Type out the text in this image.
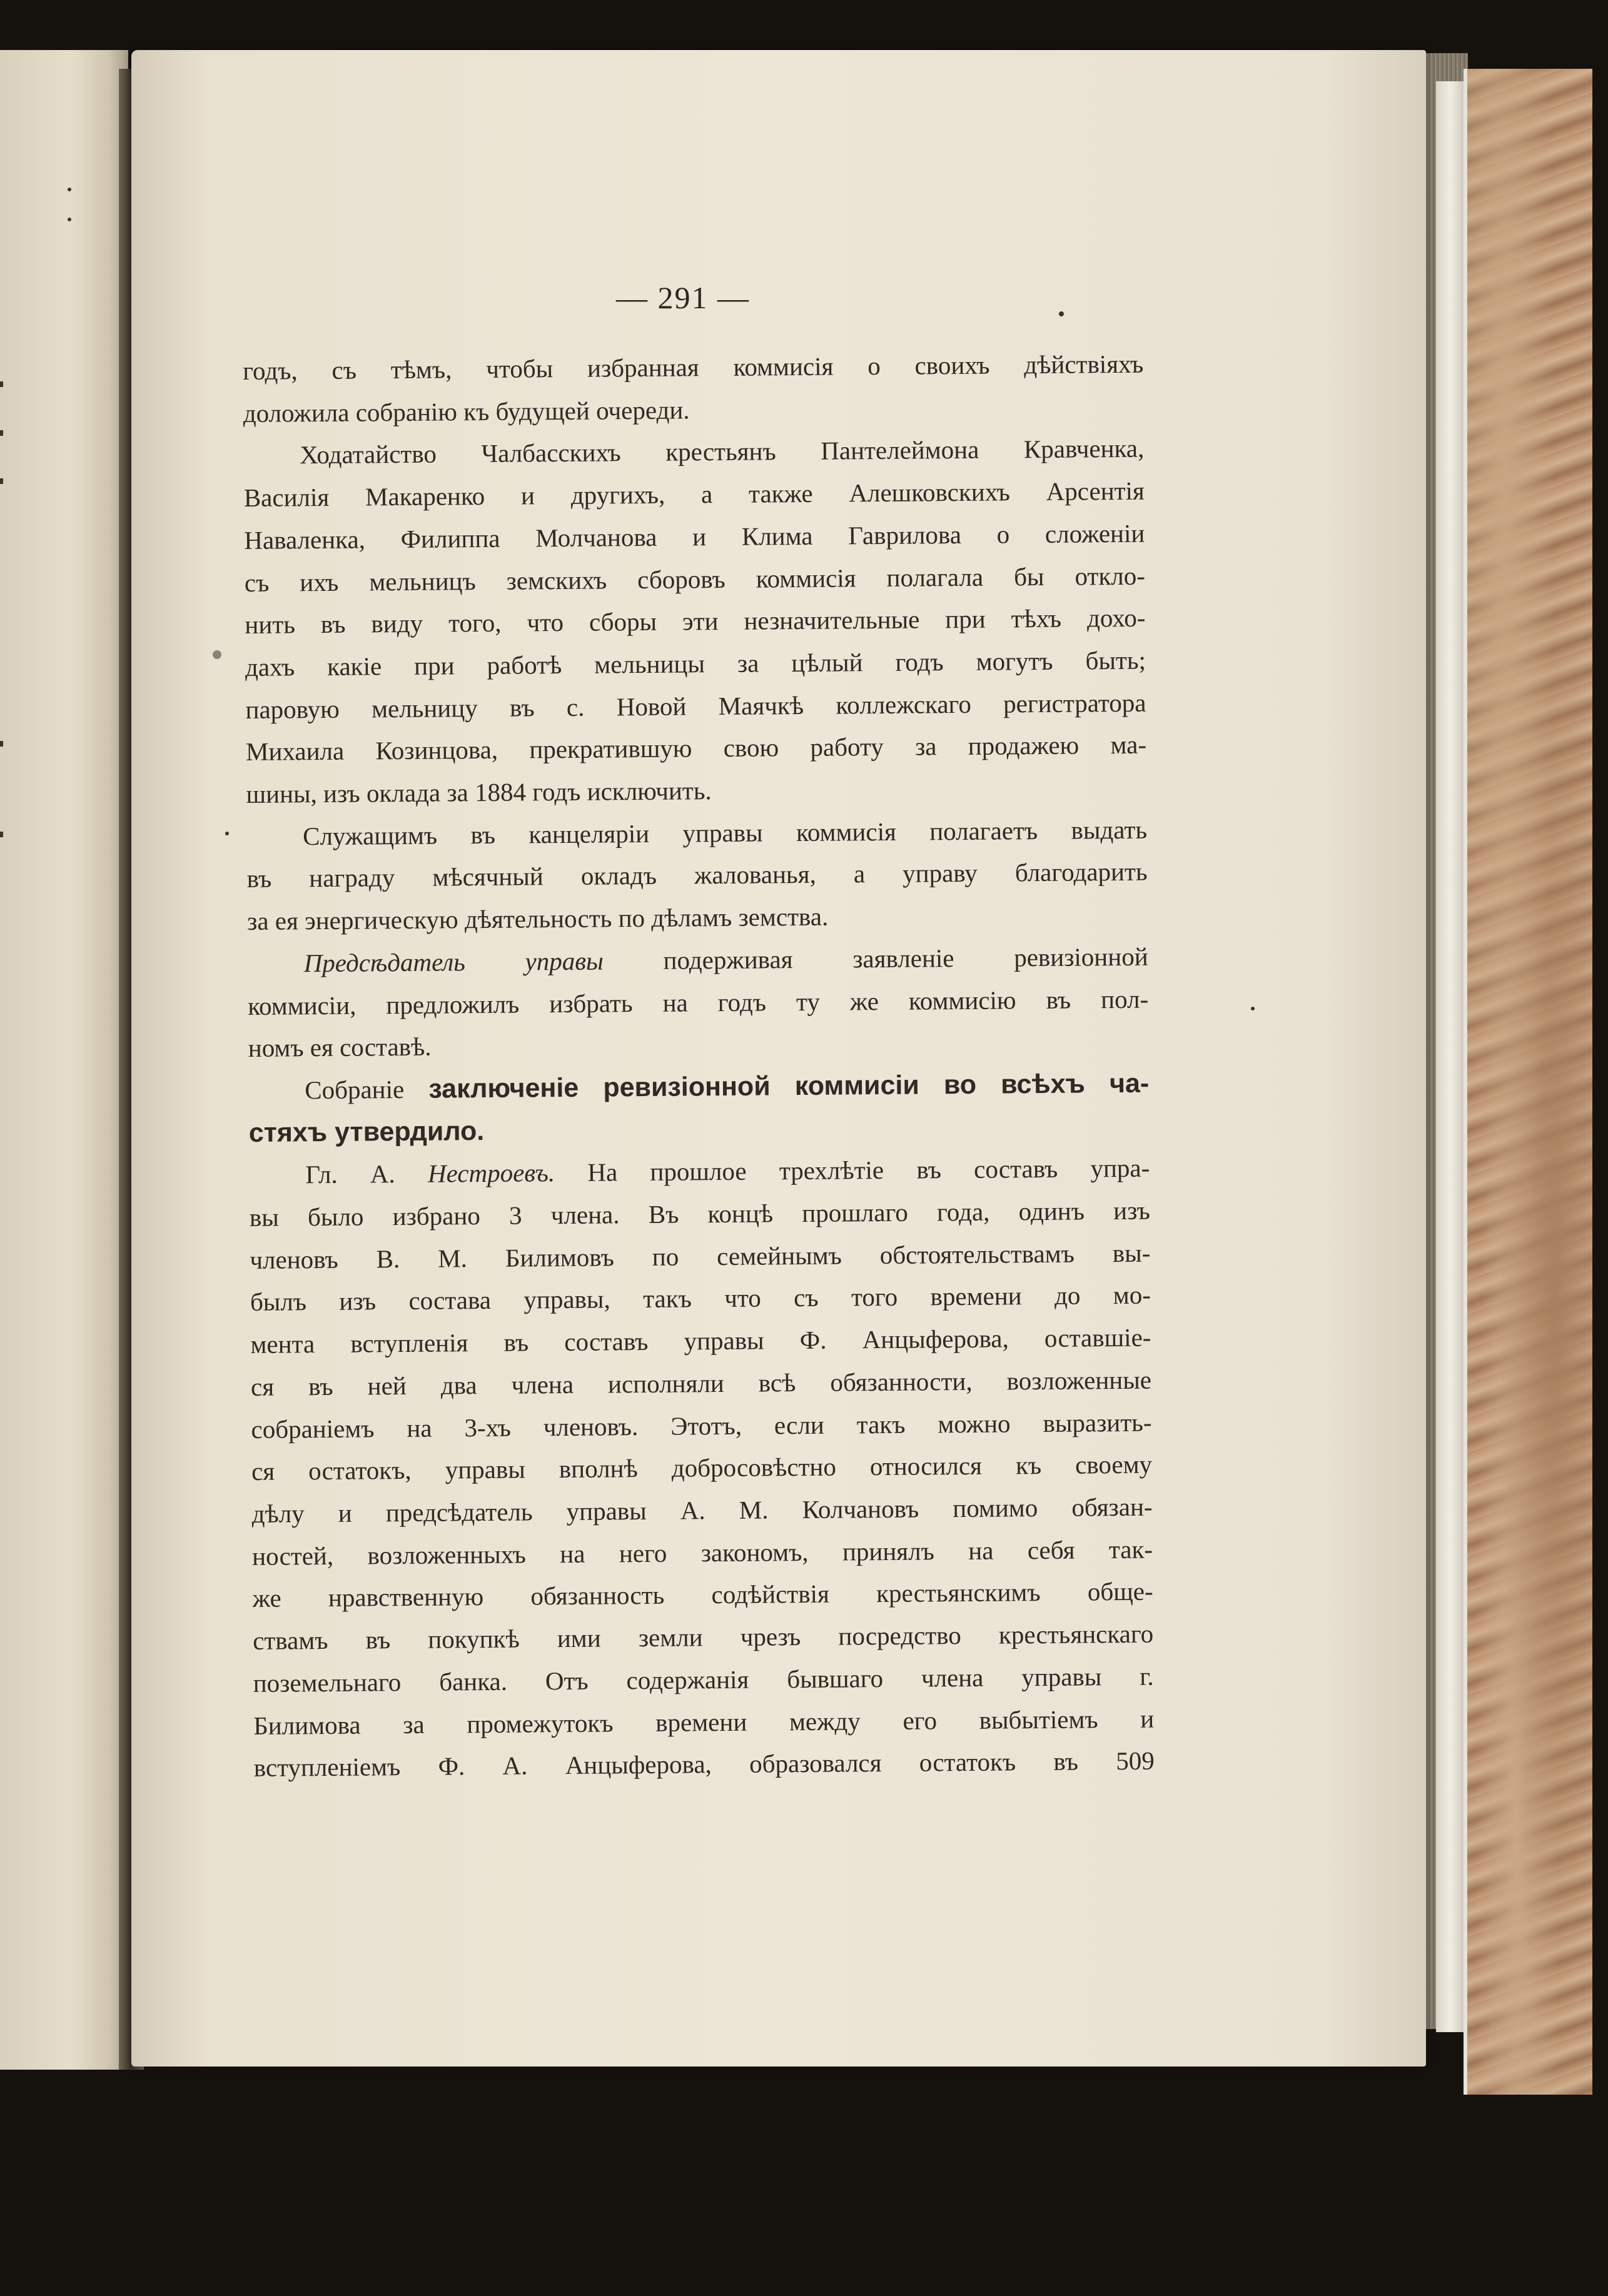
— 291 —
годъ, съ тѣмъ, чтобы избранная коммисія о своихъ дѣйствіяхъ
доложила собранію къ будущей очереди.
Ходатайство Чалбасскихъ крестьянъ Пантелеймона Кравченка,
Василія Макаренко и другихъ, а также Алешковскихъ Арсентія
Наваленка, Филиппа Молчанова и Клима Гаврилова о сложеніи
съ ихъ мельницъ земскихъ сборовъ коммисія полагала бы откло-
нить въ виду того, что сборы эти незначительные при тѣхъ дохо-
дахъ какіе при работѣ мельницы за цѣлый годъ могутъ быть;
паровую мельницу въ с. Новой Маячкѣ коллежскаго регистратора
Михаила Козинцова, прекратившую свою работу за продажею ма-
шины, изъ оклада за 1884 годъ исключить.
Служащимъ въ канцеляріи управы коммисія полагаетъ выдать
въ награду мѣсячный окладъ жалованья, а управу благодарить
за ея энергическую дѣятельность по дѣламъ земства.
Предсѣдатель управы подерживая заявленіе ревизіонной
коммисіи, предложилъ избрать на годъ ту же коммисію въ пол-
номъ ея составѣ.
Собраніе заключеніе ревизіонной коммисіи во всѣхъ ча-
стяхъ утвердило.
Гл. А. Нестроевъ. На прошлое трехлѣтіе въ составъ упра-
вы было избрано 3 члена. Въ концѣ прошлаго года, одинъ изъ
членовъ В. М. Билимовъ по семейнымъ обстоятельствамъ вы-
былъ изъ состава управы, такъ что съ того времени до мо-
мента вступленія въ составъ управы Ф. Анцыферова, оставшіе-
ся въ ней два члена исполняли всѣ обязанности, возложенные
собраніемъ на 3-хъ членовъ. Этотъ, если такъ можно выразить-
ся остатокъ, управы вполнѣ добросовѣстно относился къ своему
дѣлу и предсѣдатель управы А. М. Колчановъ помимо обязан-
ностей, возложенныхъ на него закономъ, принялъ на себя так-
же нравственную обязанность содѣйствія крестьянскимъ обще-
ствамъ въ покупкѣ ими земли чрезъ посредство крестьянскаго
поземельнаго банка. Отъ содержанія бывшаго члена управы г.
Билимова за промежутокъ времени между его выбытіемъ и
вступленіемъ Ф. А. Анцыферова, образовался остатокъ въ 509
